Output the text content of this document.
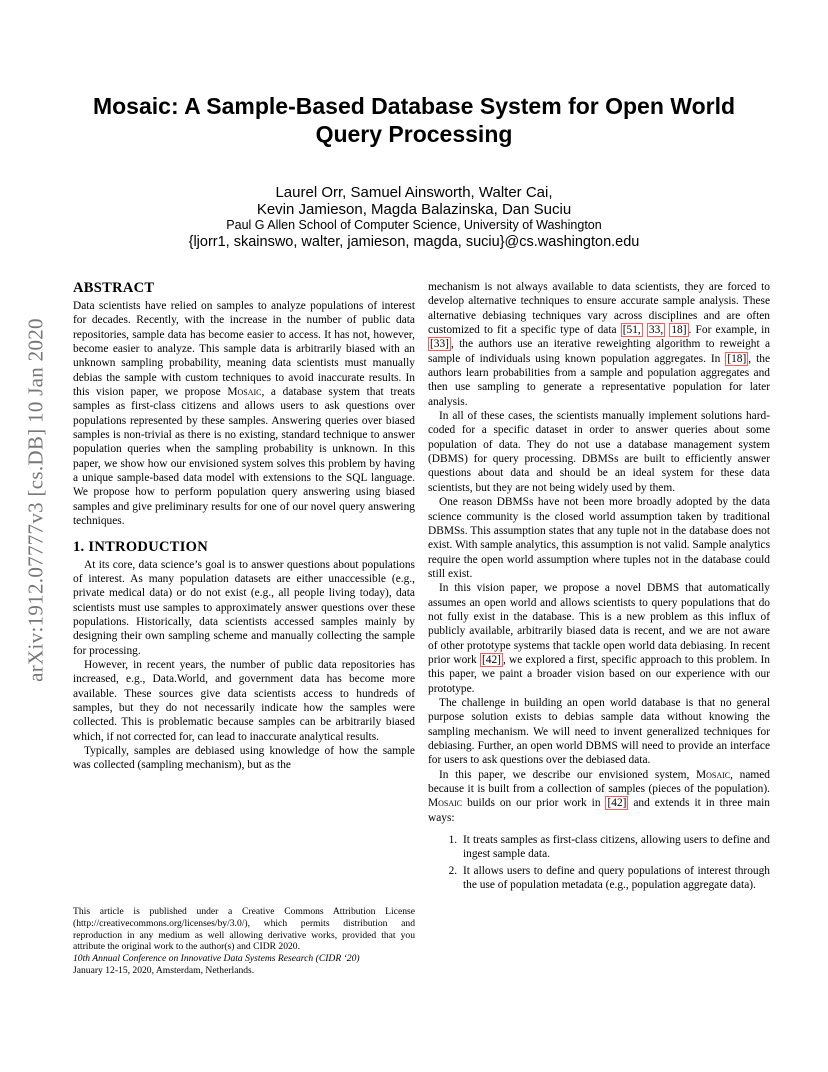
Mosaic: A Sample-Based Database System for Open World
Query Processing
Laurel Orr, Samuel Ainsworth, Walter Cai,
Kevin Jamieson, Magda Balazinska, Dan Suciu
Paul G Allen School of Computer Science, University of Washington
{ljorr1, skainswo, walter, jamieson, magda, suciu}@cs.washington.edu
arXiv:1912.07777v3 [cs.DB] 10 Jan 2020
ABSTRACT

Data scientists have relied on samples to analyze populations of interest for decades. Recently, with the increase in the number of public data repositories, sample data has become easier to access. It has not, however, become easier to analyze. This sample data is arbitrarily biased with an unknown sampling probability, meaning data scientists must manually debias the sample with custom techniques to avoid inaccurate results. In this vision paper, we propose Mosaic, a database system that treats samples as first-class citizens and allows users to ask questions over populations represented by these samples. Answering queries over biased samples is non-trivial as there is no existing, standard technique to answer population queries when the sampling probability is unknown. In this paper, we show how our envisioned system solves this problem by having a unique sample-based data model with extensions to the SQL language. We propose how to perform population query answering using biased samples and give preliminary results for one of our novel query answering techniques.

1. INTRODUCTION

At its core, data science’s goal is to answer questions about populations of interest. As many population datasets are either unaccessible (e.g., private medical data) or do not exist (e.g., all people living today), data scientists must use samples to approximately answer questions over these populations. Historically, data scientists accessed samples mainly by designing their own sampling scheme and manually collecting the sample for processing.

However, in recent years, the number of public data repositories has increased, e.g., Data.World, and government data has become more available. These sources give data scientists access to hundreds of samples, but they do not necessarily indicate how the samples were collected. This is problematic because samples can be arbitrarily biased which, if not corrected for, can lead to inaccurate analytical results.

Typically, samples are debiased using knowledge of how the sample was collected (sampling mechanism), but as the

mechanism is not always available to data scientists, they are forced to develop alternative techniques to ensure accurate sample analysis. These alternative debiasing techniques vary across disciplines and are often customized to fit a specific type of data [51, 33, 18] . For example, in [33] , the authors use an iterative reweighting algorithm to reweight a sample of individuals using known population aggregates. In [18] , the authors learn probabilities from a sample and population aggregates and then use sampling to generate a representative population for later analysis.

In all of these cases, the scientists manually implement solutions hard-coded for a specific dataset in order to answer queries about some population of data. They do not use a database management system (DBMS) for query processing. DBMSs are built to efficiently answer questions about data and should be an ideal system for these data scientists, but they are not being widely used by them.

One reason DBMSs have not been more broadly adopted by the data science community is the closed world assumption taken by traditional DBMSs. This assumption states that any tuple not in the database does not exist. With sample analytics, this assumption is not valid. Sample analytics require the open world assumption where tuples not in the database could still exist.

In this vision paper, we propose a novel DBMS that automatically assumes an open world and allows scientists to query populations that do not fully exist in the database. This is a new problem as this influx of publicly available, arbitrarily biased data is recent, and we are not aware of other prototype systems that tackle open world data debiasing. In recent prior work [42] , we explored a first, specific approach to this problem. In this paper, we paint a broader vision based on our experience with our prototype.

The challenge in building an open world database is that no general purpose solution exists to debias sample data without knowing the sampling mechanism. We will need to invent generalized techniques for debiasing. Further, an open world DBMS will need to provide an interface for users to ask questions over the debiased data.

In this paper, we describe our envisioned system, Mosaic, named because it is built from a collection of samples (pieces of the population). Mosaic builds on our prior work in [42] and extends it in three main ways:

1. It treats samples as first-class citizens, allowing users to define and ingest sample data.
2. It allows users to define and query populations of interest through the use of population metadata (e.g., population aggregate data).

This article is published under a Creative Commons Attribution License (http://creativecommons.org/licenses/by/3.0/), which permits distribution and reproduction in any medium as well allowing derivative works, provided that you attribute the original work to the author(s) and CIDR 2020.

10th Annual Conference on Innovative Data Systems Research (CIDR ‘20)

January 12-15, 2020, Amsterdam, Netherlands.
